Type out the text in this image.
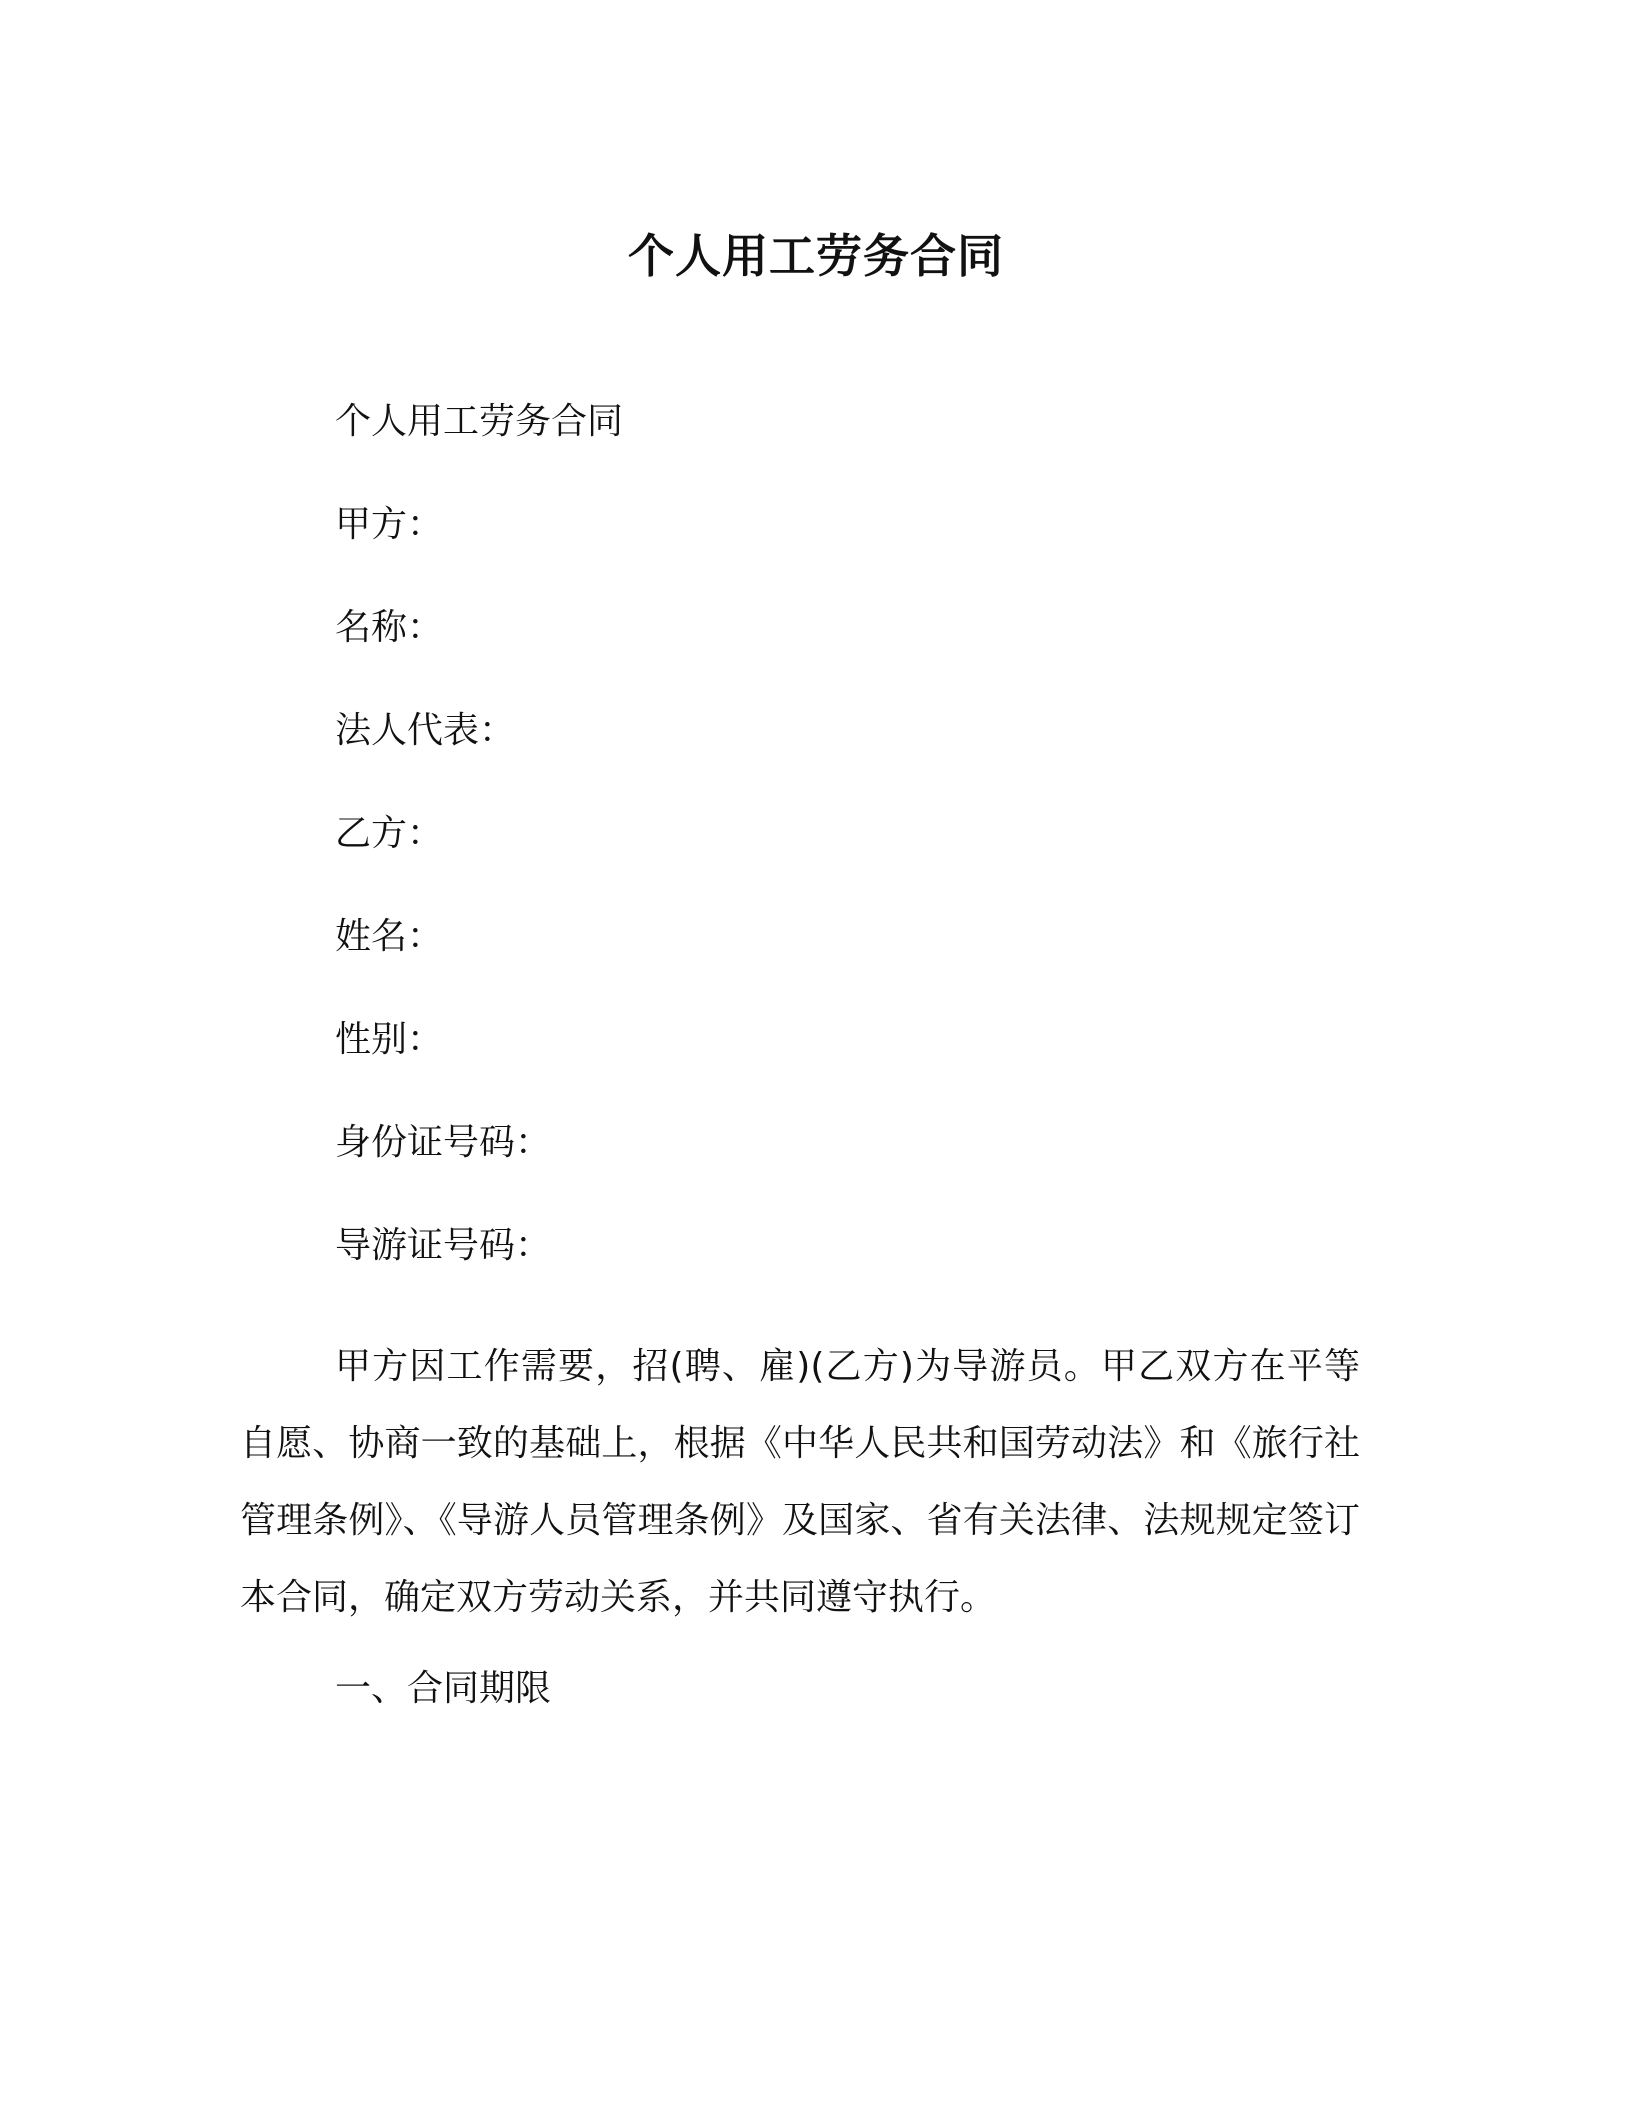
个人用工劳务合同
个人用工劳务合同
甲方：
名称：
法人代表：
乙方：
姓名：
性别：
身份证号码：
导游证号码：
甲方因工作需要，招(聘、雇)(乙方)为导游员。甲乙双方在平等自愿、协商一致的基础上，根据《中华人民共和国劳动法》和《旅行社管理条例》、《导游人员管理条例》及国家、省有关法律、法规规定签订本合同，确定双方劳动关系，并共同遵守执行。
一、合同期限
